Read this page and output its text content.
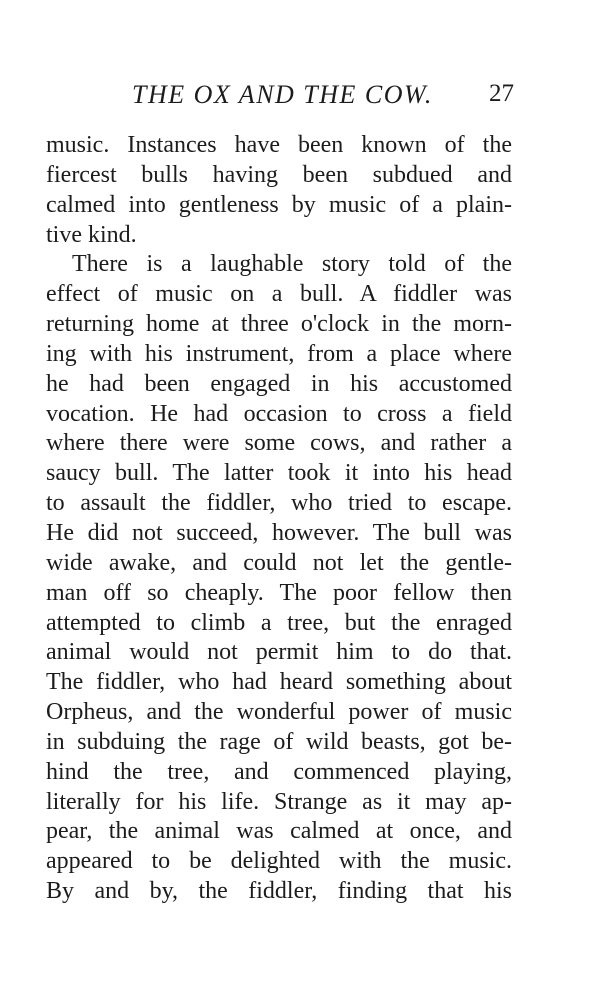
THE OX AND THE COW. 27
music. Instances have been known of the
fiercest bulls having been subdued and
calmed into gentleness by music of a plain-
tive kind.
There is a laughable story told of the
effect of music on a bull. A fiddler was
returning home at three o'clock in the morn-
ing with his instrument, from a place where
he had been engaged in his accustomed
vocation. He had occasion to cross a field
where there were some cows, and rather a
saucy bull. The latter took it into his head
to assault the fiddler, who tried to escape.
He did not succeed, however. The bull was
wide awake, and could not let the gentle-
man off so cheaply. The poor fellow then
attempted to climb a tree, but the enraged
animal would not permit him to do that.
The fiddler, who had heard something about
Orpheus, and the wonderful power of music
in subduing the rage of wild beasts, got be-
hind the tree, and commenced playing,
literally for his life. Strange as it may ap-
pear, the animal was calmed at once, and
appeared to be delighted with the music.
By and by, the fiddler, finding that his
